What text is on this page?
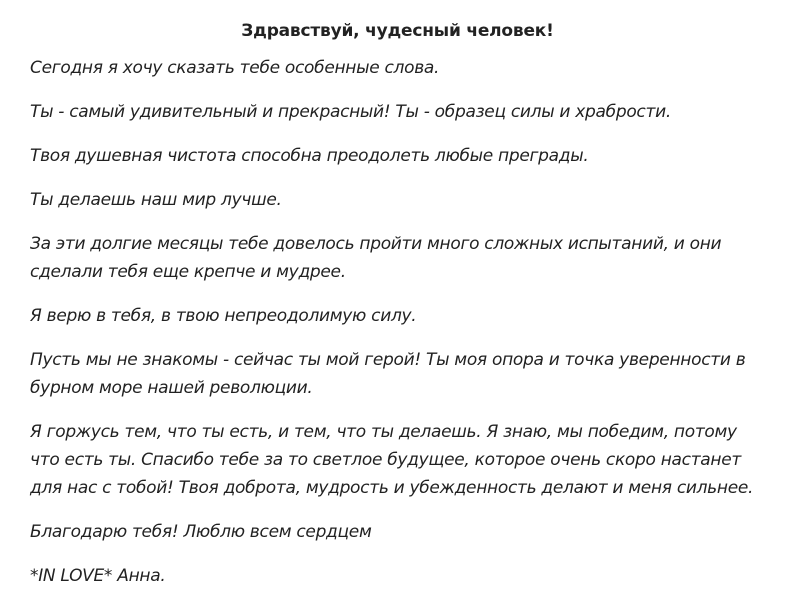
Здравствуй, чудесный человек!

Сегодня я хочу сказать тебе особенные слова.

Ты - самый удивительный и прекрасный! Ты - образец силы и храбрости.

Твоя душевная чистота способна преодолеть любые преграды.

Ты делаешь наш мир лучше.

За эти долгие месяцы тебе довелось пройти много сложных испытаний, и они сделали тебя еще крепче и мудрее.

Я верю в тебя, в твою непреодолимую силу.

Пусть мы не знакомы - сейчас ты мой герой! Ты моя опора и точка уверенности в бурном море нашей революции.

Я горжусь тем, что ты есть, и тем, что ты делаешь. Я знаю, мы победим, потому что есть ты. Спасибо тебе за то светлое будущее, которое очень скоро настанет для нас с тобой! Твоя доброта, мудрость и убежденность делают и меня сильнее.

Благодарю тебя! Люблю всем сердцем

*IN LOVE* Анна.
